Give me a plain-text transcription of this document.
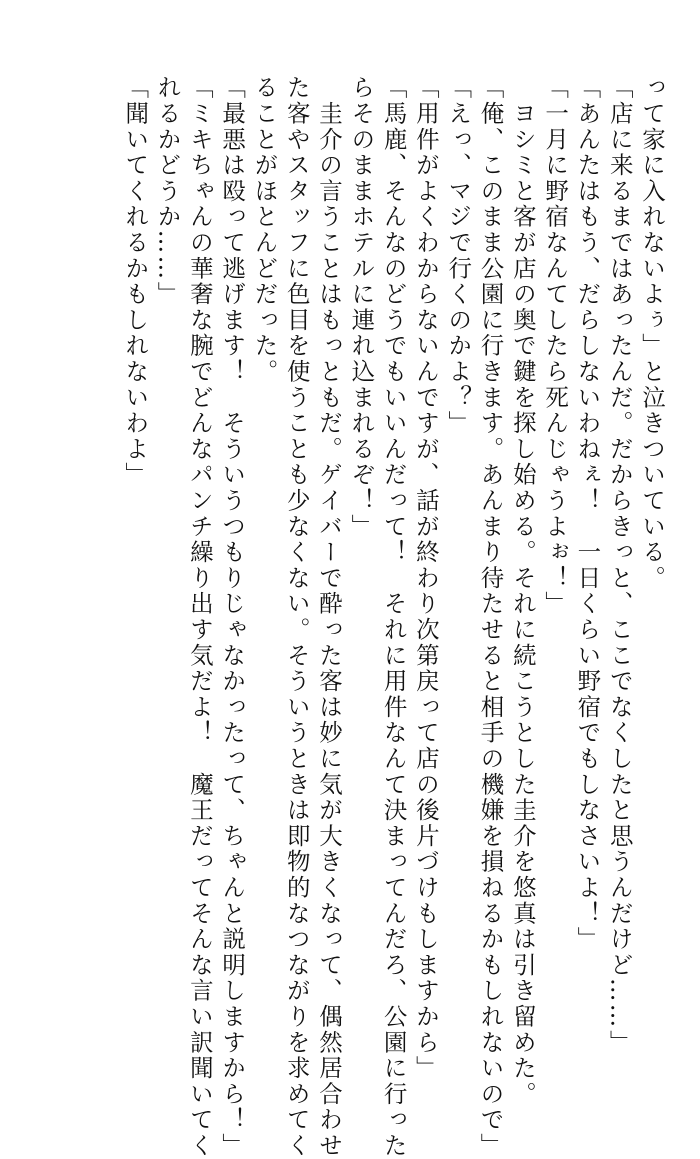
って家に入れないよぅ」と泣きついている。
「店に来るまではあったんだ。だからきっと、ここでなくしたと思うんだけど……」
「あんたはもう、だらしないわねぇ！　一日くらい野宿でもしなさいよ！」
「一月に野宿なんてしたら死んじゃうよぉ！」
　ヨシミと客が店の奥で鍵を探し始める。それに続こうとした圭介を悠真は引き留めた。
「俺、このまま公園に行きます。あんまり待たせると相手の機嫌を損ねるかもしれないので」
「えっ、マジで行くのかよ？」
「用件がよくわからないんですが、話が終わり次第戻って店の後片づけもしますから」
「馬鹿、そんなのどうでもいいんだって！　それに用件なんて決まってんだろ、公園に行った
らそのままホテルに連れ込まれるぞ！」
　圭介の言うことはもっともだ。ゲイバーで酔った客は妙に気が大きくなって、偶然居合わせ
た客やスタッフに色目を使うことも少なくない。そういうときは即物的なつながりを求めてく
ることがほとんどだった。
「最悪は殴って逃げます！　そういうつもりじゃなかったって、ちゃんと説明しますから！」
「ミキちゃんの華奢な腕でどんなパンチ繰り出す気だよ！　魔王だってそんな言い訳聞いてく
れるかどうか……」
「聞いてくれるかもしれないわよ」
